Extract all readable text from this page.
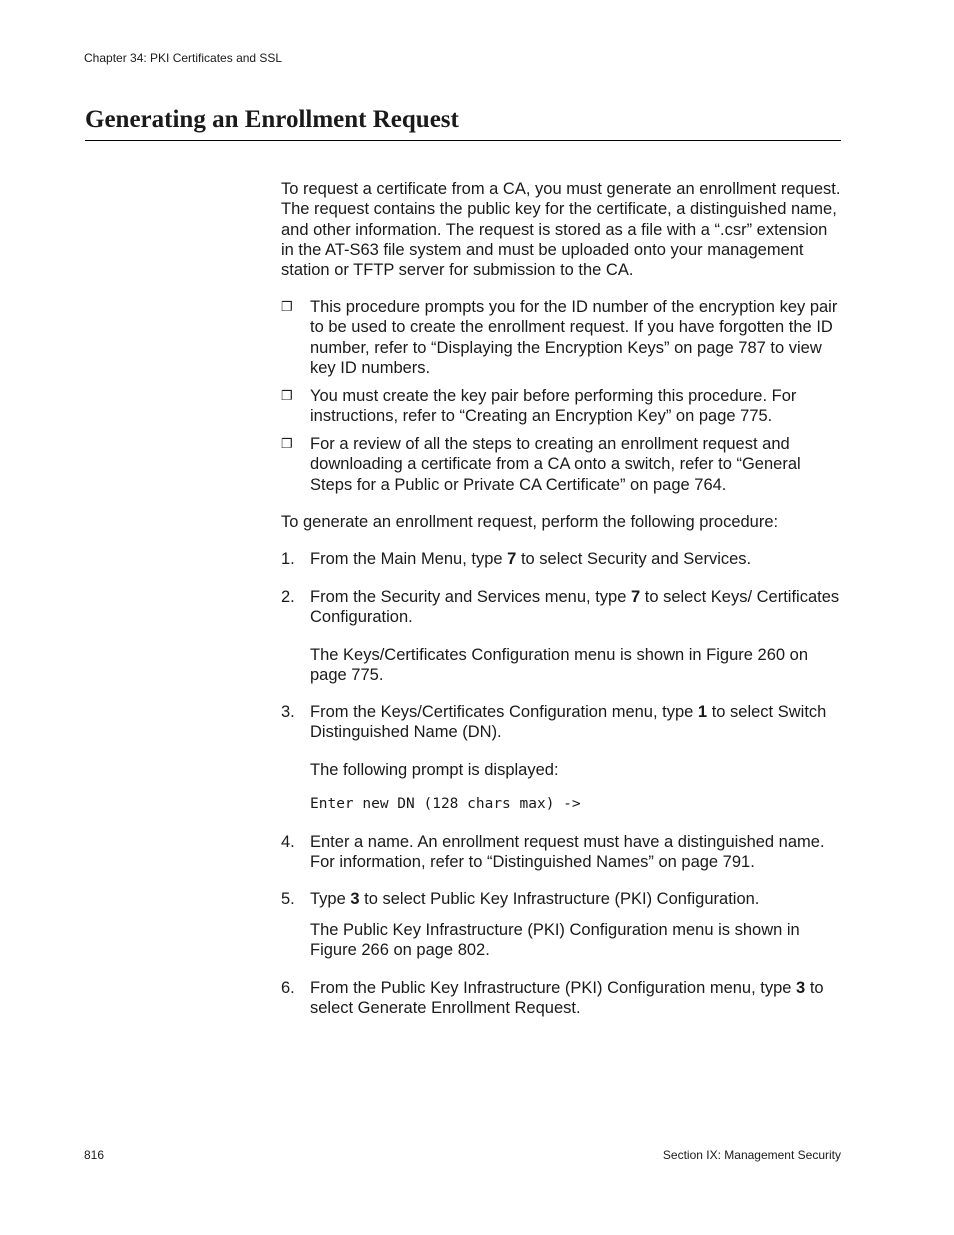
Chapter 34: PKI Certificates and SSL
Generating an Enrollment Request

To request a certificate from a CA, you must generate an enrollment request. The request contains the public key for the certificate, a distinguished name, and other information. The request is stored as a file with a “.csr” extension in the AT-S63 file system and must be uploaded onto your management station or TFTP server for submission to the CA.

❒ This procedure prompts you for the ID number of the encryption key pair to be used to create the enrollment request. If you have forgotten the ID number, refer to “Displaying the Encryption Keys” on page 787 to view key ID numbers.
❒ You must create the key pair before performing this procedure. For instructions, refer to “Creating an Encryption Key” on page 775.
❒ For a review of all the steps to creating an enrollment request and downloading a certificate from a CA onto a switch, refer to “General Steps for a Public or Private CA Certificate” on page 764.

To generate an enrollment request, perform the following procedure:

1. From the Main Menu, type 7 to select Security and Services.
2. From the Security and Services menu, type 7 to select Keys/ Certificates Configuration.

The Keys/Certificates Configuration menu is shown in Figure 260 on page 775.

3. From the Keys/Certificates Configuration menu, type 1 to select Switch Distinguished Name (DN).

The following prompt is displayed:

Enter new DN (128 chars max) ->
4. Enter a name. An enrollment request must have a distinguished name. For information, refer to “Distinguished Names” on page 791.
5. Type 3 to select Public Key Infrastructure (PKI) Configuration.

The Public Key Infrastructure (PKI) Configuration menu is shown in Figure 266 on page 802.

6. From the Public Key Infrastructure (PKI) Configuration menu, type 3 to select Generate Enrollment Request.
816	Section IX: Management Security
